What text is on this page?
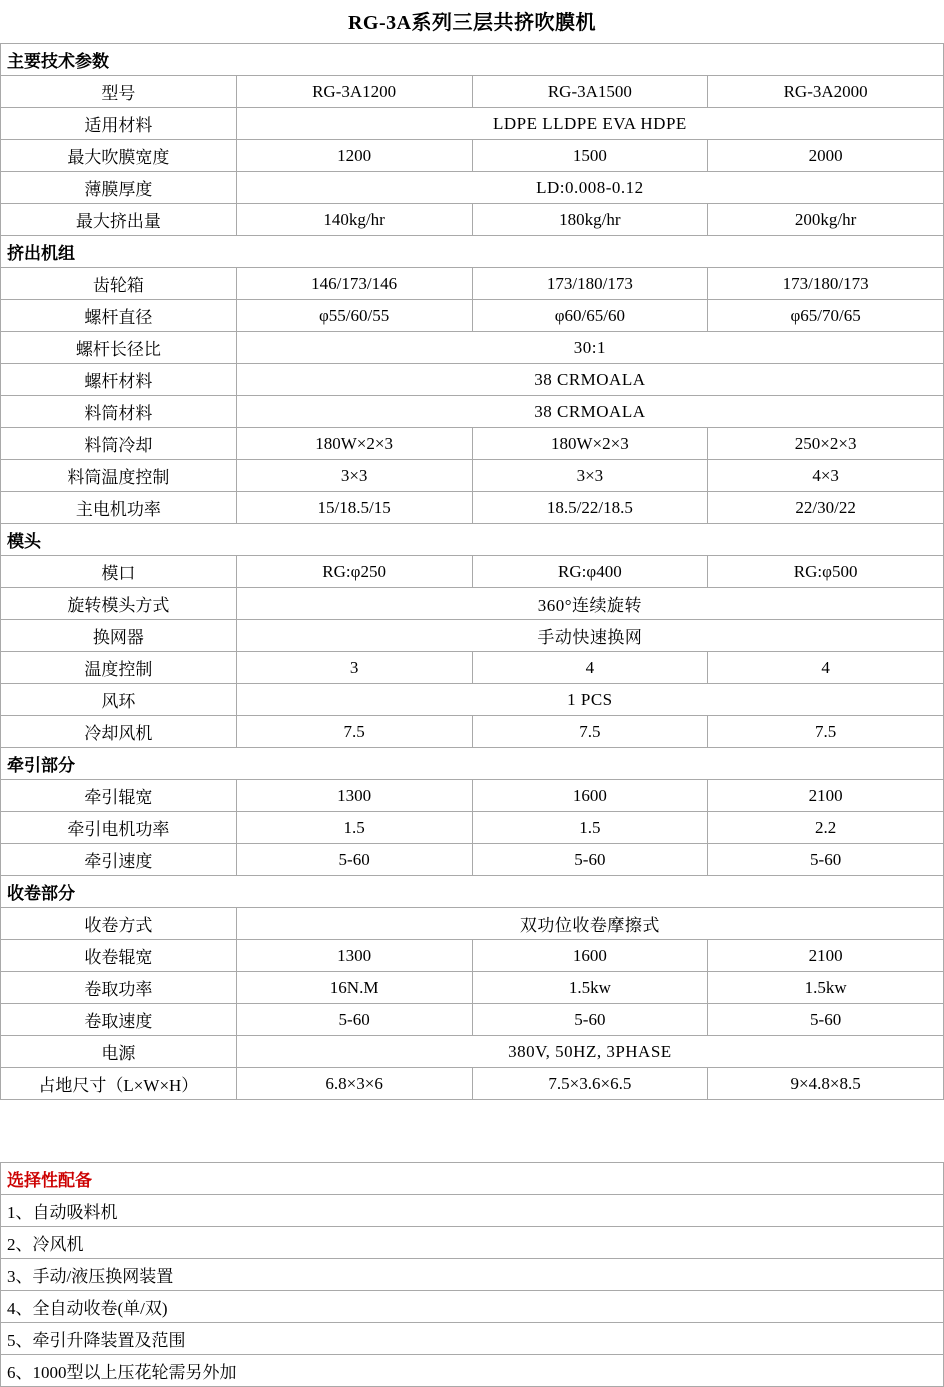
RG-3A系列三层共挤吹膜机
主要技术参数			
型号	RG-3A1200	RG-3A1500	RG-3A2000
适用材料	LDPE LLDPE EVA HDPE		
最大吹膜宽度	1200	1500	2000
薄膜厚度	LD:0.008-0.12		
最大挤出量	140kg/hr	180kg/hr	200kg/hr
挤出机组			
齿轮箱	146/173/146	173/180/173	173/180/173
螺杆直径	φ55/60/55	φ60/65/60	φ65/70/65
螺杆长径比	30:1		
螺杆材料	38 CRMOALA		
料筒材料	38 CRMOALA		
料筒冷却	180W×2×3	180W×2×3	250×2×3
料筒温度控制	3×3	3×3	4×3
主电机功率	15/18.5/15	18.5/22/18.5	22/30/22
模头			
模口	RG:φ250	RG:φ400	RG:φ500
旋转模头方式	360°连续旋转		
换网器	手动快速换网		
温度控制	3	4	4
风环	1 PCS		
冷却风机	7.5	7.5	7.5
牵引部分			
牵引辊宽	1300	1600	2100
牵引电机功率	1.5	1.5	2.2
牵引速度	5-60	5-60	5-60
收卷部分			
收卷方式	双功位收卷摩擦式		
收卷辊宽	1300	1600	2100
卷取功率	16N.M	1.5kw	1.5kw
卷取速度	5-60	5-60	5-60
电源	380V, 50HZ, 3PHASE		
占地尺寸（L×W×H）	6.8×3×6	7.5×3.6×6.5	9×4.8×8.5
选择性配备
1、自动吸料机
2、冷风机
3、手动/液压换网装置
4、全自动收卷(单/双)
5、牵引升降装置及范围
6、1000型以上压花轮需另外加
